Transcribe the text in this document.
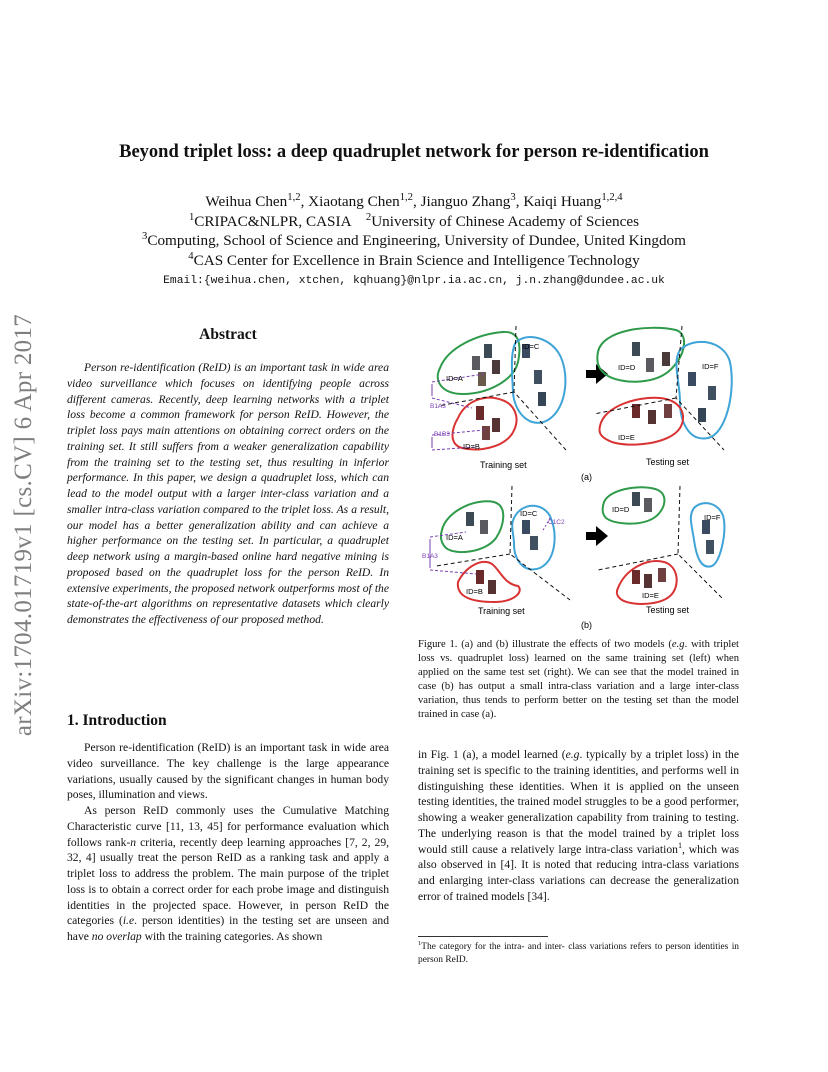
arXiv:1704.01719v1 [cs.CV] 6 Apr 2017
Beyond triplet loss: a deep quadruplet network for person re-identification
Weihua Chen$^{1,2}$, Xiaotang Chen$^{1,2}$, Jianguo Zhang$^3$, Kaiqi Huang$^{1,2,4}$
$^1$CRIPAC&NLPR, CASIA    $^2$University of Chinese Academy of Sciences
$^3$Computing, School of Science and Engineering, University of Dundee, United Kingdom
$^4$CAS Center for Excellence in Brain Science and Intelligence Technology
Email:{weihua.chen, xtchen, kqhuang}@nlpr.ia.ac.cn, j.n.zhang@dundee.ac.uk
Abstract

Person re-identification (ReID) is an important task in wide area video surveillance which focuses on identifying people across different cameras. Recently, deep learning networks with a triplet loss become a common framework for person ReID. However, the triplet loss pays main attentions on obtaining correct orders on the training set. It still suffers from a weaker generalization capability from the training set to the testing set, thus resulting in inferior performance. In this paper, we design a quadruplet loss, which can lead to the model output with a larger inter-class variation and a smaller intra-class variation compared to the triplet loss. As a result, our model has a better generalization ability and can achieve a higher performance on the testing set. In particular, a quadruplet deep network using a margin-based online hard negative mining is proposed based on the quadruplet loss for the person ReID. In extensive experiments, the proposed network outperforms most of the state-of-the-art algorithms on representative datasets which clearly demonstrates the effectiveness of our proposed method.

1. Introduction

Person re-identification (ReID) is an important task in wide area video surveillance. The key challenge is the large appearance variations, usually caused by the significant changes in human body poses, illumination and views.

As person ReID commonly uses the Cumulative Matching Characteristic curve [11, 13, 45] for performance evaluation which follows rank-n criteria, recently deep learning approaches [7, 2, 29, 32, 4] usually treat the person ReID as a ranking task and apply a triplet loss to address the problem. The main purpose of the triplet loss is to obtain a correct order for each probe image and distinguish identities in the projected space. However, in person ReID the categories (i.e. person identities) in the testing set are unseen and have no overlap with the training categories. As shown

ID=A
ID=B
ID=C
B1A3
B1B3
Training set
ID=D
ID=E
ID=F
Testing set
(a)
ID=A
ID=B
ID=C
C1C2
B1A3
Training set
ID=D
ID=E
ID=F
Testing set
(b)
Figure 1. (a) and (b) illustrate the effects of two models (e.g. with triplet loss vs. quadruplet loss) learned on the same training set (left) when applied on the same test set (right). We can see that the model trained in case (b) has output a small intra-class variation and a large inter-class variation, thus tends to perform better on the testing set than the model trained in case (a).

in Fig. 1 (a), a model learned (e.g. typically by a triplet loss) in the training set is specific to the training identities, and performs well in distinguishing these identities. When it is applied on the unseen testing identities, the trained model struggles to be a good performer, showing a weaker generalization capability from training to testing. The underlying reason is that the model trained by a triplet loss would still cause a relatively large intra-class variation$^1$, which was also observed in [4]. It is noted that reducing intra-class variations and enlarging inter-class variations can decrease the generalization error of trained models [34].

$^1$The category for the intra- and inter- class variations refers to person identities in person ReID.
